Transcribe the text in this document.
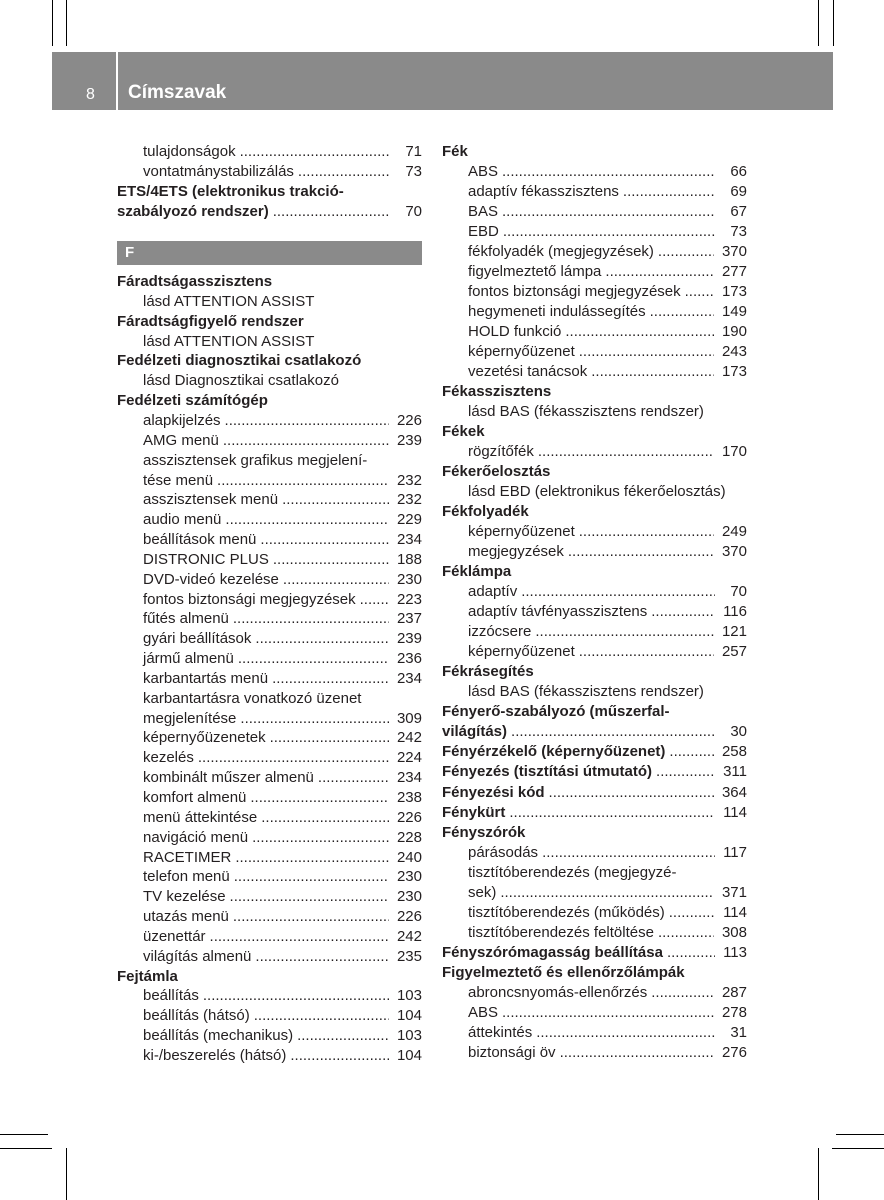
8 Címszavak
tulajdonságok .....	71
vontatmánystabilizálás .....	73
ETS/4ETS (elektronikus trakció-
szabályozó rendszer) .....	70
F
Fáradtságasszisztens
lásd ATTENTION ASSIST
Fáradtságfigyelő rendszer
lásd ATTENTION ASSIST
Fedélzeti diagnosztikai csatlakozó
lásd Diagnosztikai csatlakozó
Fedélzeti számítógép
alapkijelzés .....	226
AMG menü .....	239
asszisztensek grafikus megjelení-
tése menü .....	232
asszisztensek menü .....	232
audio menü .....	229
beállítások menü .....	234
DISTRONIC PLUS .....	188
DVD-videó kezelése .....	230
fontos biztonsági megjegyzések .....	223
fűtés almenü .....	237
gyári beállítások .....	239
jármű almenü .....	236
karbantartás menü .....	234
karbantartásra vonatkozó üzenet
megjelenítése .....	309
képernyőüzenetek .....	242
kezelés .....	224
kombinált műszer almenü .....	234
komfort almenü .....	238
menü áttekintése .....	226
navigáció menü .....	228
RACETIMER .....	240
telefon menü .....	230
TV kezelése .....	230
utazás menü .....	226
üzenettár .....	242
világítás almenü .....	235
Fejtámla
beállítás .....	103
beállítás (hátsó) .....	104
beállítás (mechanikus) .....	103
ki-/beszerelés (hátsó) .....	104
Fék
ABS .....	66
adaptív fékasszisztens .....	69
BAS .....	67
EBD .....	73
fékfolyadék (megjegyzések) .....	370
figyelmeztető lámpa .....	277
fontos biztonsági megjegyzések .....	173
hegymeneti indulássegítés .....	149
HOLD funkció .....	190
képernyőüzenet .....	243
vezetési tanácsok .....	173
Fékasszisztens
lásd BAS (fékasszisztens rendszer)
Fékek
rögzítőfék .....	170
Fékerőelosztás
lásd EBD (elektronikus fékerőelosztás)
Fékfolyadék
képernyőüzenet .....	249
megjegyzések .....	370
Féklámpa
adaptív .....	70
adaptív távfényasszisztens .....	116
izzócsere .....	121
képernyőüzenet .....	257
Fékrásegítés
lásd BAS (fékasszisztens rendszer)
Fényerő-szabályozó (műszerfal-
világítás) .....	30
Fényérzékelő (képernyőüzenet) .....	258
Fényezés (tisztítási útmutató) .....	311
Fényezési kód .....	364
Fénykürt .....	114
Fényszórók
párásodás .....	117
tisztítóberendezés (megjegyzé-
sek) .....	371
tisztítóberendezés (működés) .....	114
tisztítóberendezés feltöltése .....	308
Fényszórómagasság beállítása .....	113
Figyelmeztető és ellenőrzőlámpák
abroncsnyomás-ellenőrzés .....	287
ABS .....	278
áttekintés .....	31
biztonsági öv .....	276
